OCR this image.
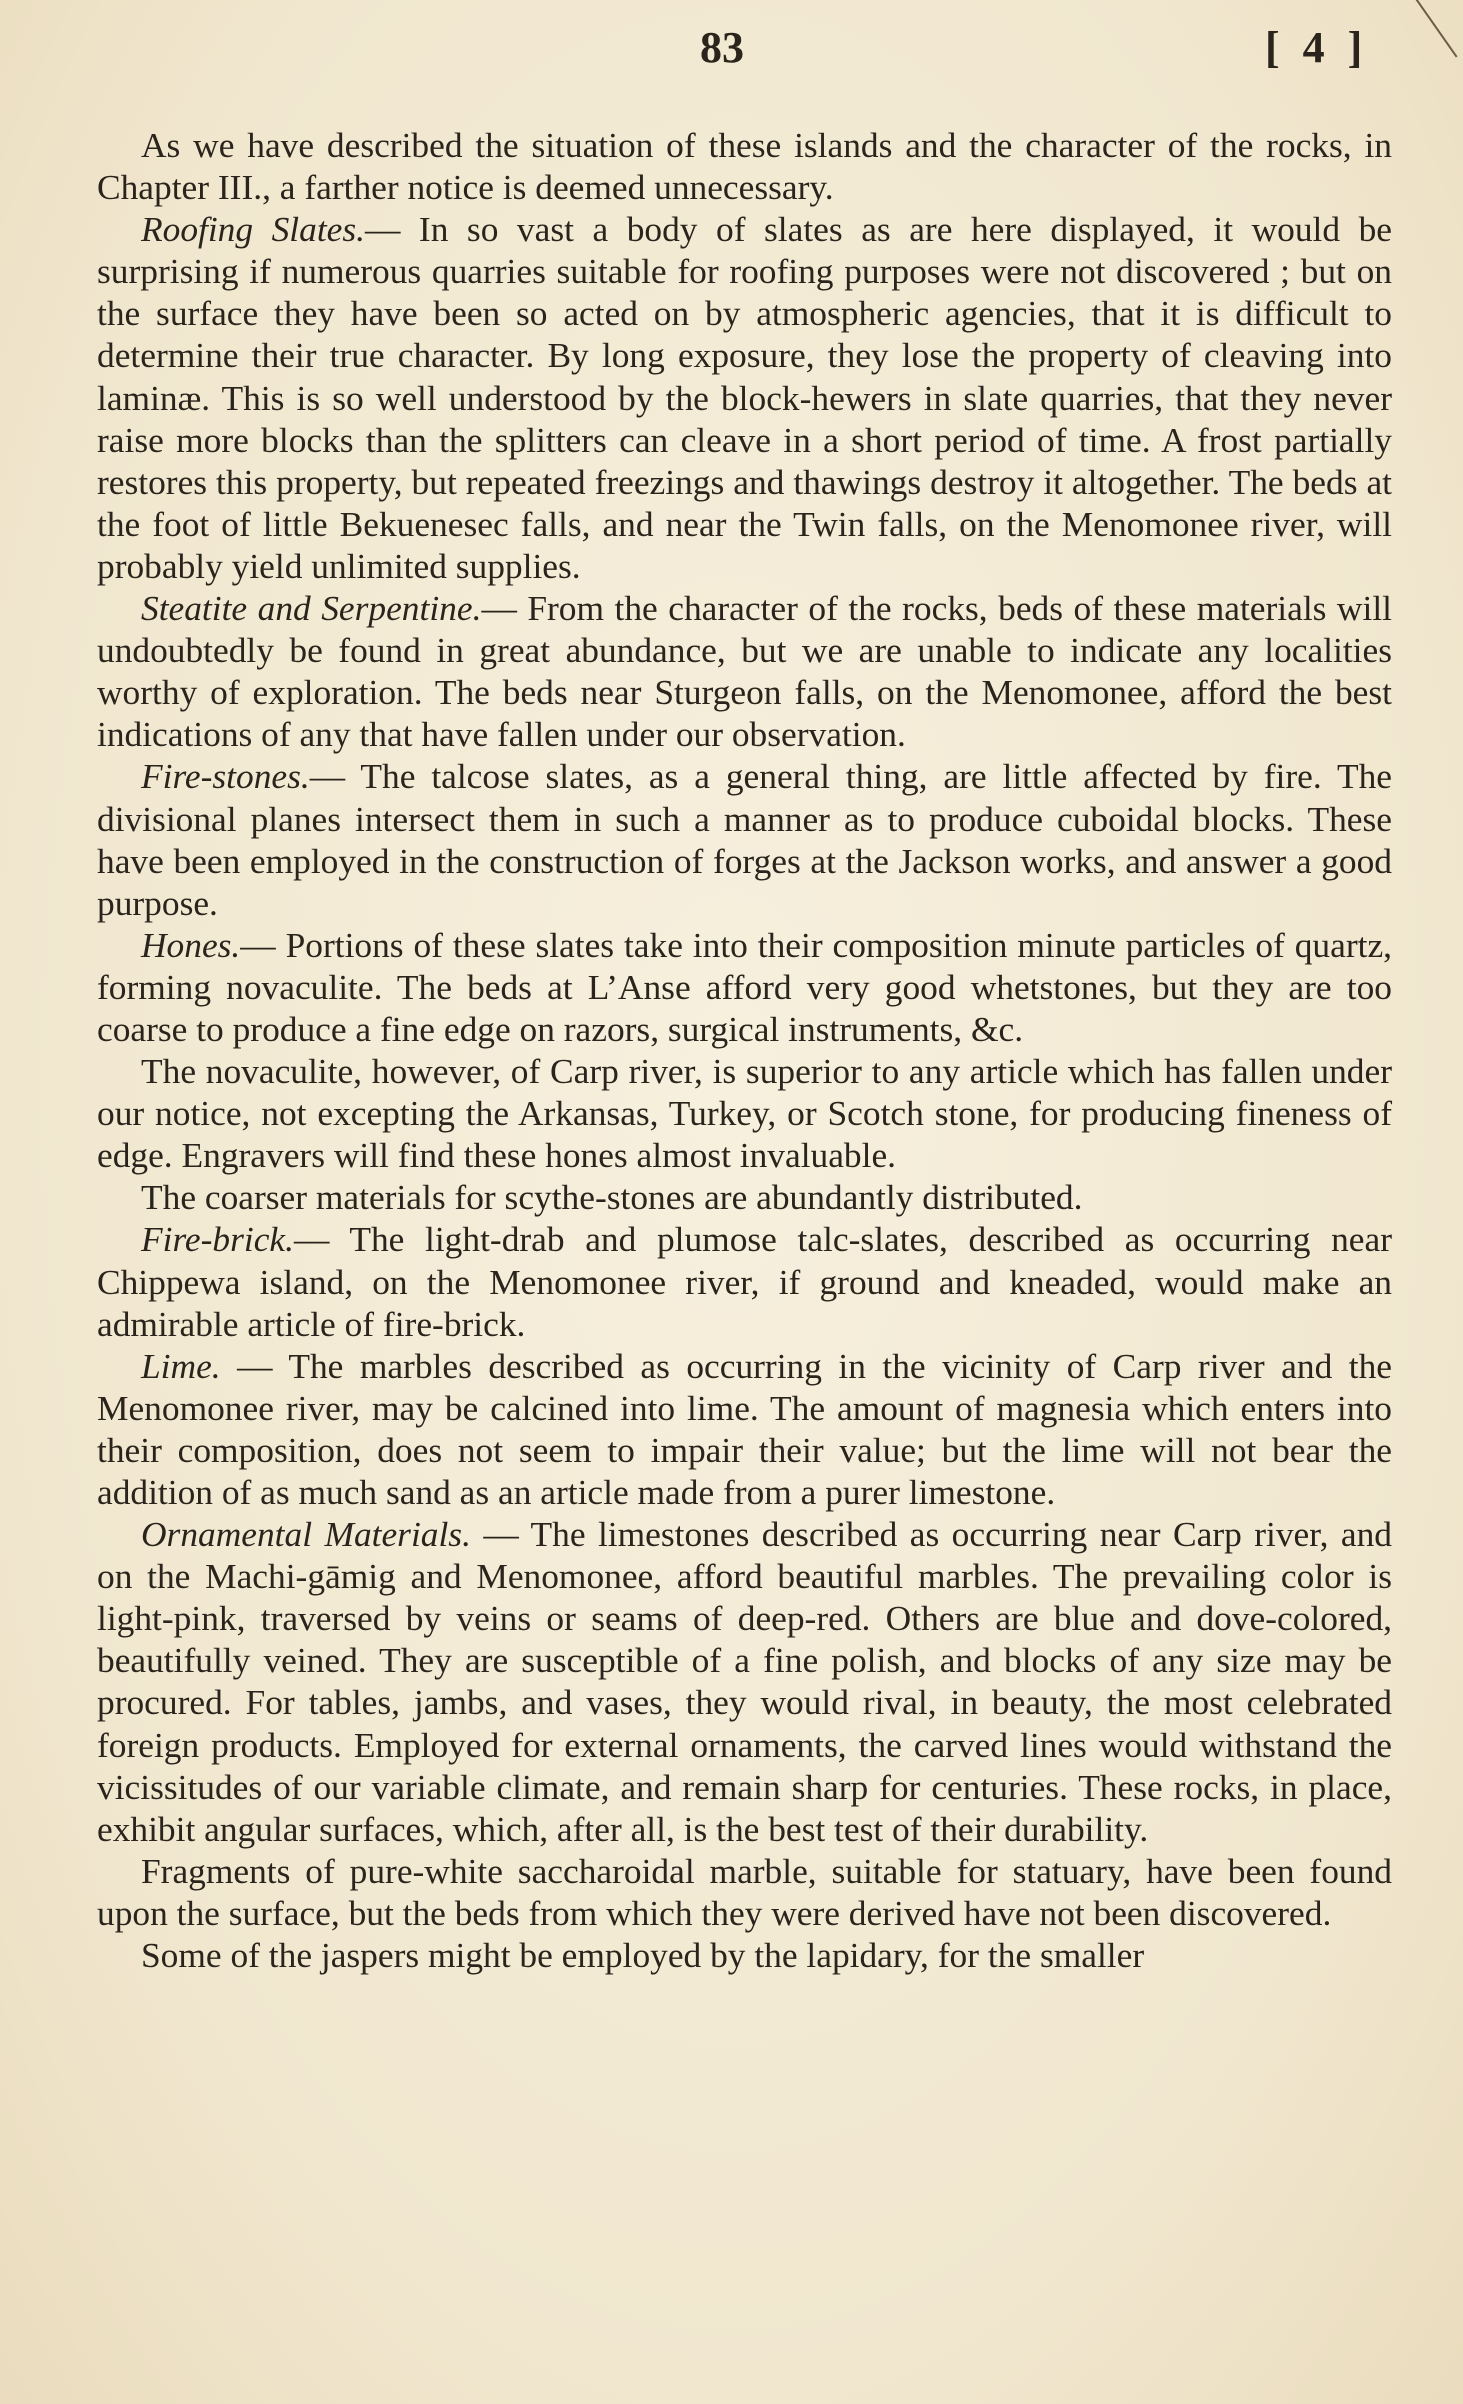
83	[ 4 ]

As we have described the situation of these islands and the character of the rocks, in Chapter III., a farther notice is deemed unnecessary.

Roofing Slates.— In so vast a body of slates as are here displayed, it would be surprising if numerous quarries suitable for roofing purposes were not discovered ; but on the surface they have been so acted on by atmospheric agencies, that it is difficult to determine their true character. By long exposure, they lose the property of cleaving into laminæ. This is so well understood by the block-hewers in slate quarries, that they never raise more blocks than the splitters can cleave in a short period of time. A frost partially restores this property, but repeated freezings and thawings destroy it altogether. The beds at the foot of little Bekuenesec falls, and near the Twin falls, on the Menomonee river, will probably yield unlimited supplies.

Steatite and Serpentine.— From the character of the rocks, beds of these materials will undoubtedly be found in great abundance, but we are unable to indicate any localities worthy of exploration. The beds near Sturgeon falls, on the Menomonee, afford the best indications of any that have fallen under our observation.

Fire-stones.— The talcose slates, as a general thing, are little affected by fire. The divisional planes intersect them in such a manner as to produce cuboidal blocks. These have been employed in the construction of forges at the Jackson works, and answer a good purpose.

Hones.— Portions of these slates take into their composition minute particles of quartz, forming novaculite. The beds at L’Anse afford very good whetstones, but they are too coarse to produce a fine edge on razors, surgical instruments, &c.

The novaculite, however, of Carp river, is superior to any article which has fallen under our notice, not excepting the Arkansas, Turkey, or Scotch stone, for producing fineness of edge. Engravers will find these hones almost invaluable.

The coarser materials for scythe-stones are abundantly distributed.

Fire-brick.— The light-drab and plumose talc-slates, described as occurring near Chippewa island, on the Menomonee river, if ground and kneaded, would make an admirable article of fire-brick.

Lime. — The marbles described as occurring in the vicinity of Carp river and the Menomonee river, may be calcined into lime. The amount of magnesia which enters into their composition, does not seem to impair their value; but the lime will not bear the addition of as much sand as an article made from a purer limestone.

Ornamental Materials. — The limestones described as occurring near Carp river, and on the Machi-gāmig and Menomonee, afford beautiful marbles. The prevailing color is light-pink, traversed by veins or seams of deep-red. Others are blue and dove-colored, beautifully veined. They are susceptible of a fine polish, and blocks of any size may be procured. For tables, jambs, and vases, they would rival, in beauty, the most celebrated foreign products. Employed for external ornaments, the carved lines would withstand the vicissitudes of our variable climate, and remain sharp for centuries. These rocks, in place, exhibit angular surfaces, which, after all, is the best test of their durability.

Fragments of pure-white saccharoidal marble, suitable for statuary, have been found upon the surface, but the beds from which they were derived have not been discovered.

Some of the jaspers might be employed by the lapidary, for the smaller
